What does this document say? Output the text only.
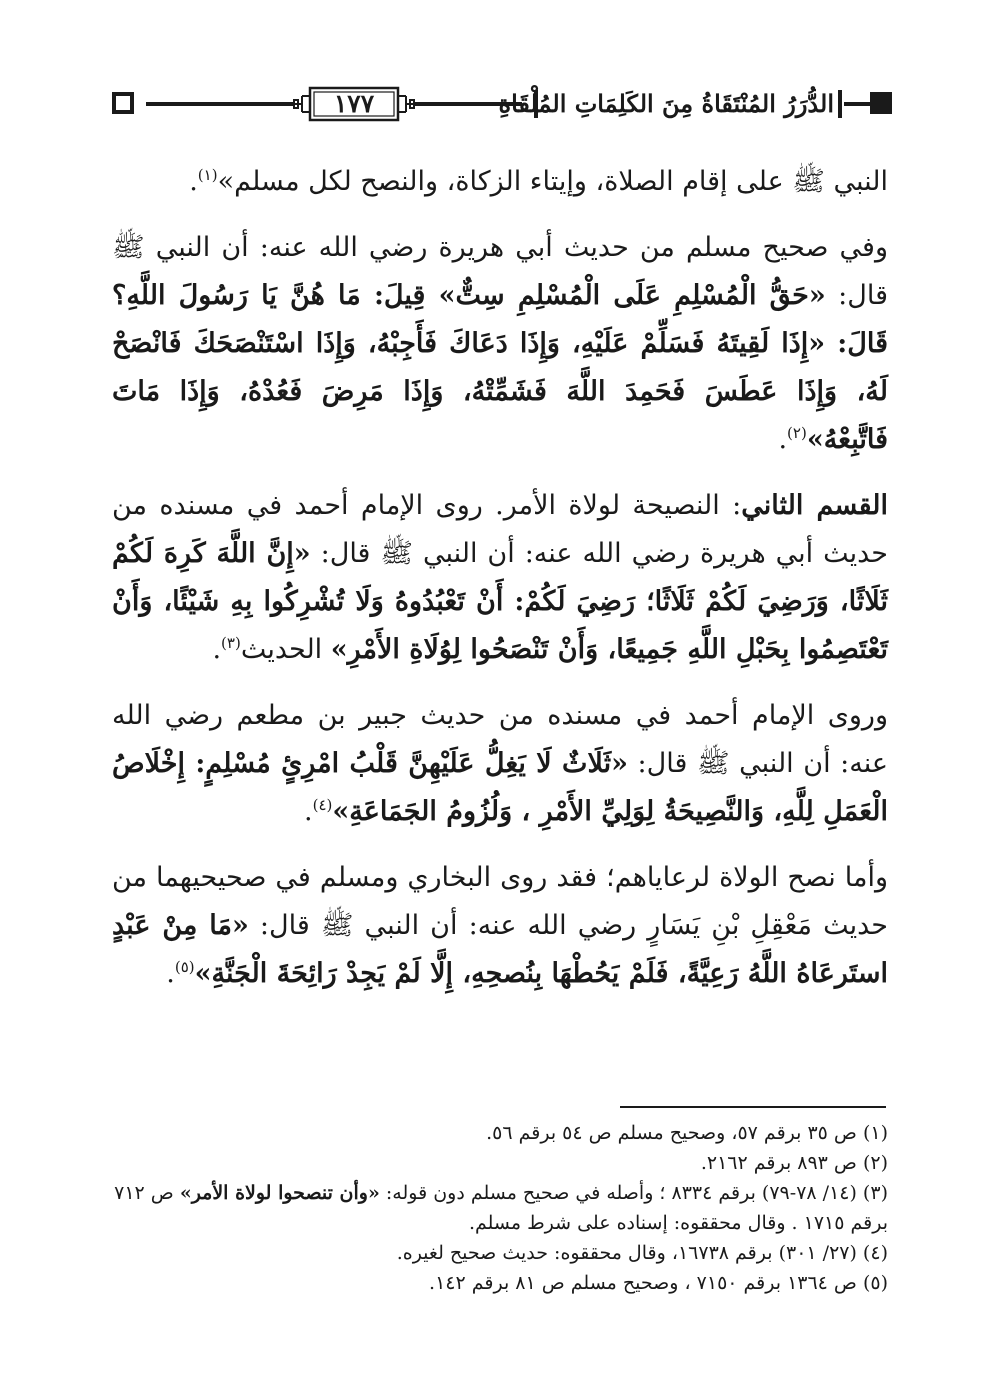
١٧٧	الدُّرَرُ المُنْتَقَاةُ مِنَ الكَلِمَاتِ المُلْقَاةِ

النبي ﷺ على إقام الصلاة، وإيتاء الزكاة، والنصح لكل مسلم»$^{(١)}$.

وفي صحيح مسلم من حديث أبي هريرة رضي الله عنه: أن النبي ﷺ قال: «حَقُّ الْمُسْلِمِ عَلَى الْمُسْلِمِ سِتٌّ» قِيلَ: مَا هُنَّ يَا رَسُولَ اللَّهِ؟ قَالَ: «إِذَا لَقِيتَهُ فَسَلِّمْ عَلَيْهِ، وَإِذَا دَعَاكَ فَأَجِبْهُ، وَإِذَا اسْتَنْصَحَكَ فَانْصَحْ لَهُ، وَإِذَا عَطَسَ فَحَمِدَ اللَّهَ فَشَمِّتْهُ، وَإِذَا مَرِضَ فَعُدْهُ، وَإِذَا مَاتَ فَاتَّبِعْهُ»$^{(٢)}$.

القسم الثاني: النصيحة لولاة الأمر. روى الإمام أحمد في مسنده من حديث أبي هريرة رضي الله عنه: أن النبي ﷺ قال: «إِنَّ اللَّهَ كَرِهَ لَكُمْ ثَلَاثًا، وَرَضِيَ لَكُمْ ثَلَاثًا؛ رَضِيَ لَكُمْ: أَنْ تَعْبُدُوهُ وَلَا تُشْرِكُوا بِهِ شَيْئًا، وَأَنْ تَعْتَصِمُوا بِحَبْلِ اللَّهِ جَمِيعًا، وَأَنْ تَنْصَحُوا لِوُلَاةِ الأَمْرِ» الحديث$^{(٣)}$.

وروى الإمام أحمد في مسنده من حديث جبير بن مطعم رضي الله عنه: أن النبي ﷺ قال: «ثَلَاثٌ لَا يَغِلُّ عَلَيْهِنَّ قَلْبُ امْرِئٍ مُسْلِمٍ: إِخْلَاصُ الْعَمَلِ لِلَّهِ، وَالنَّصِيحَةُ لِوَلِيِّ الأَمْرِ ، وَلُزُومُ الجَمَاعَةِ»$^{(٤)}$.

وأما نصح الولاة لرعاياهم؛ فقد روى البخاري ومسلم في صحيحيهما من حديث مَعْقِلِ بْنِ يَسَارٍ رضي الله عنه: أن النبي ﷺ قال: «مَا مِنْ عَبْدٍ استَرعَاهُ اللَّهُ رَعِيَّةً، فَلَمْ يَحُطْهَا بِنُصحِهِ، إِلَّا لَمْ يَجِدْ رَائِحَةَ الْجَنَّةِ»$^{(٥)}$.

(١) ص ٣٥ برقم ٥٧، وصحيح مسلم ص ٥٤ برقم ٥٦.

(٢) ص ٨٩٣ برقم ٢١٦٢.

(٣) (١٤/ ٧٨-٧٩) برقم ٨٣٣٤ ؛ وأصله في صحيح مسلم دون قوله: «وأن تنصحوا لولاة الأمر» ص ٧١٢ برقم ١٧١٥ . وقال محققوه: إسناده على شرط مسلم.

(٤) (٢٧/ ٣٠١) برقم ١٦٧٣٨، وقال محققوه: حديث صحيح لغيره.

(٥) ص ١٣٦٤ برقم ٧١٥٠ ، وصحيح مسلم ص ٨١ برقم ١٤٢.
